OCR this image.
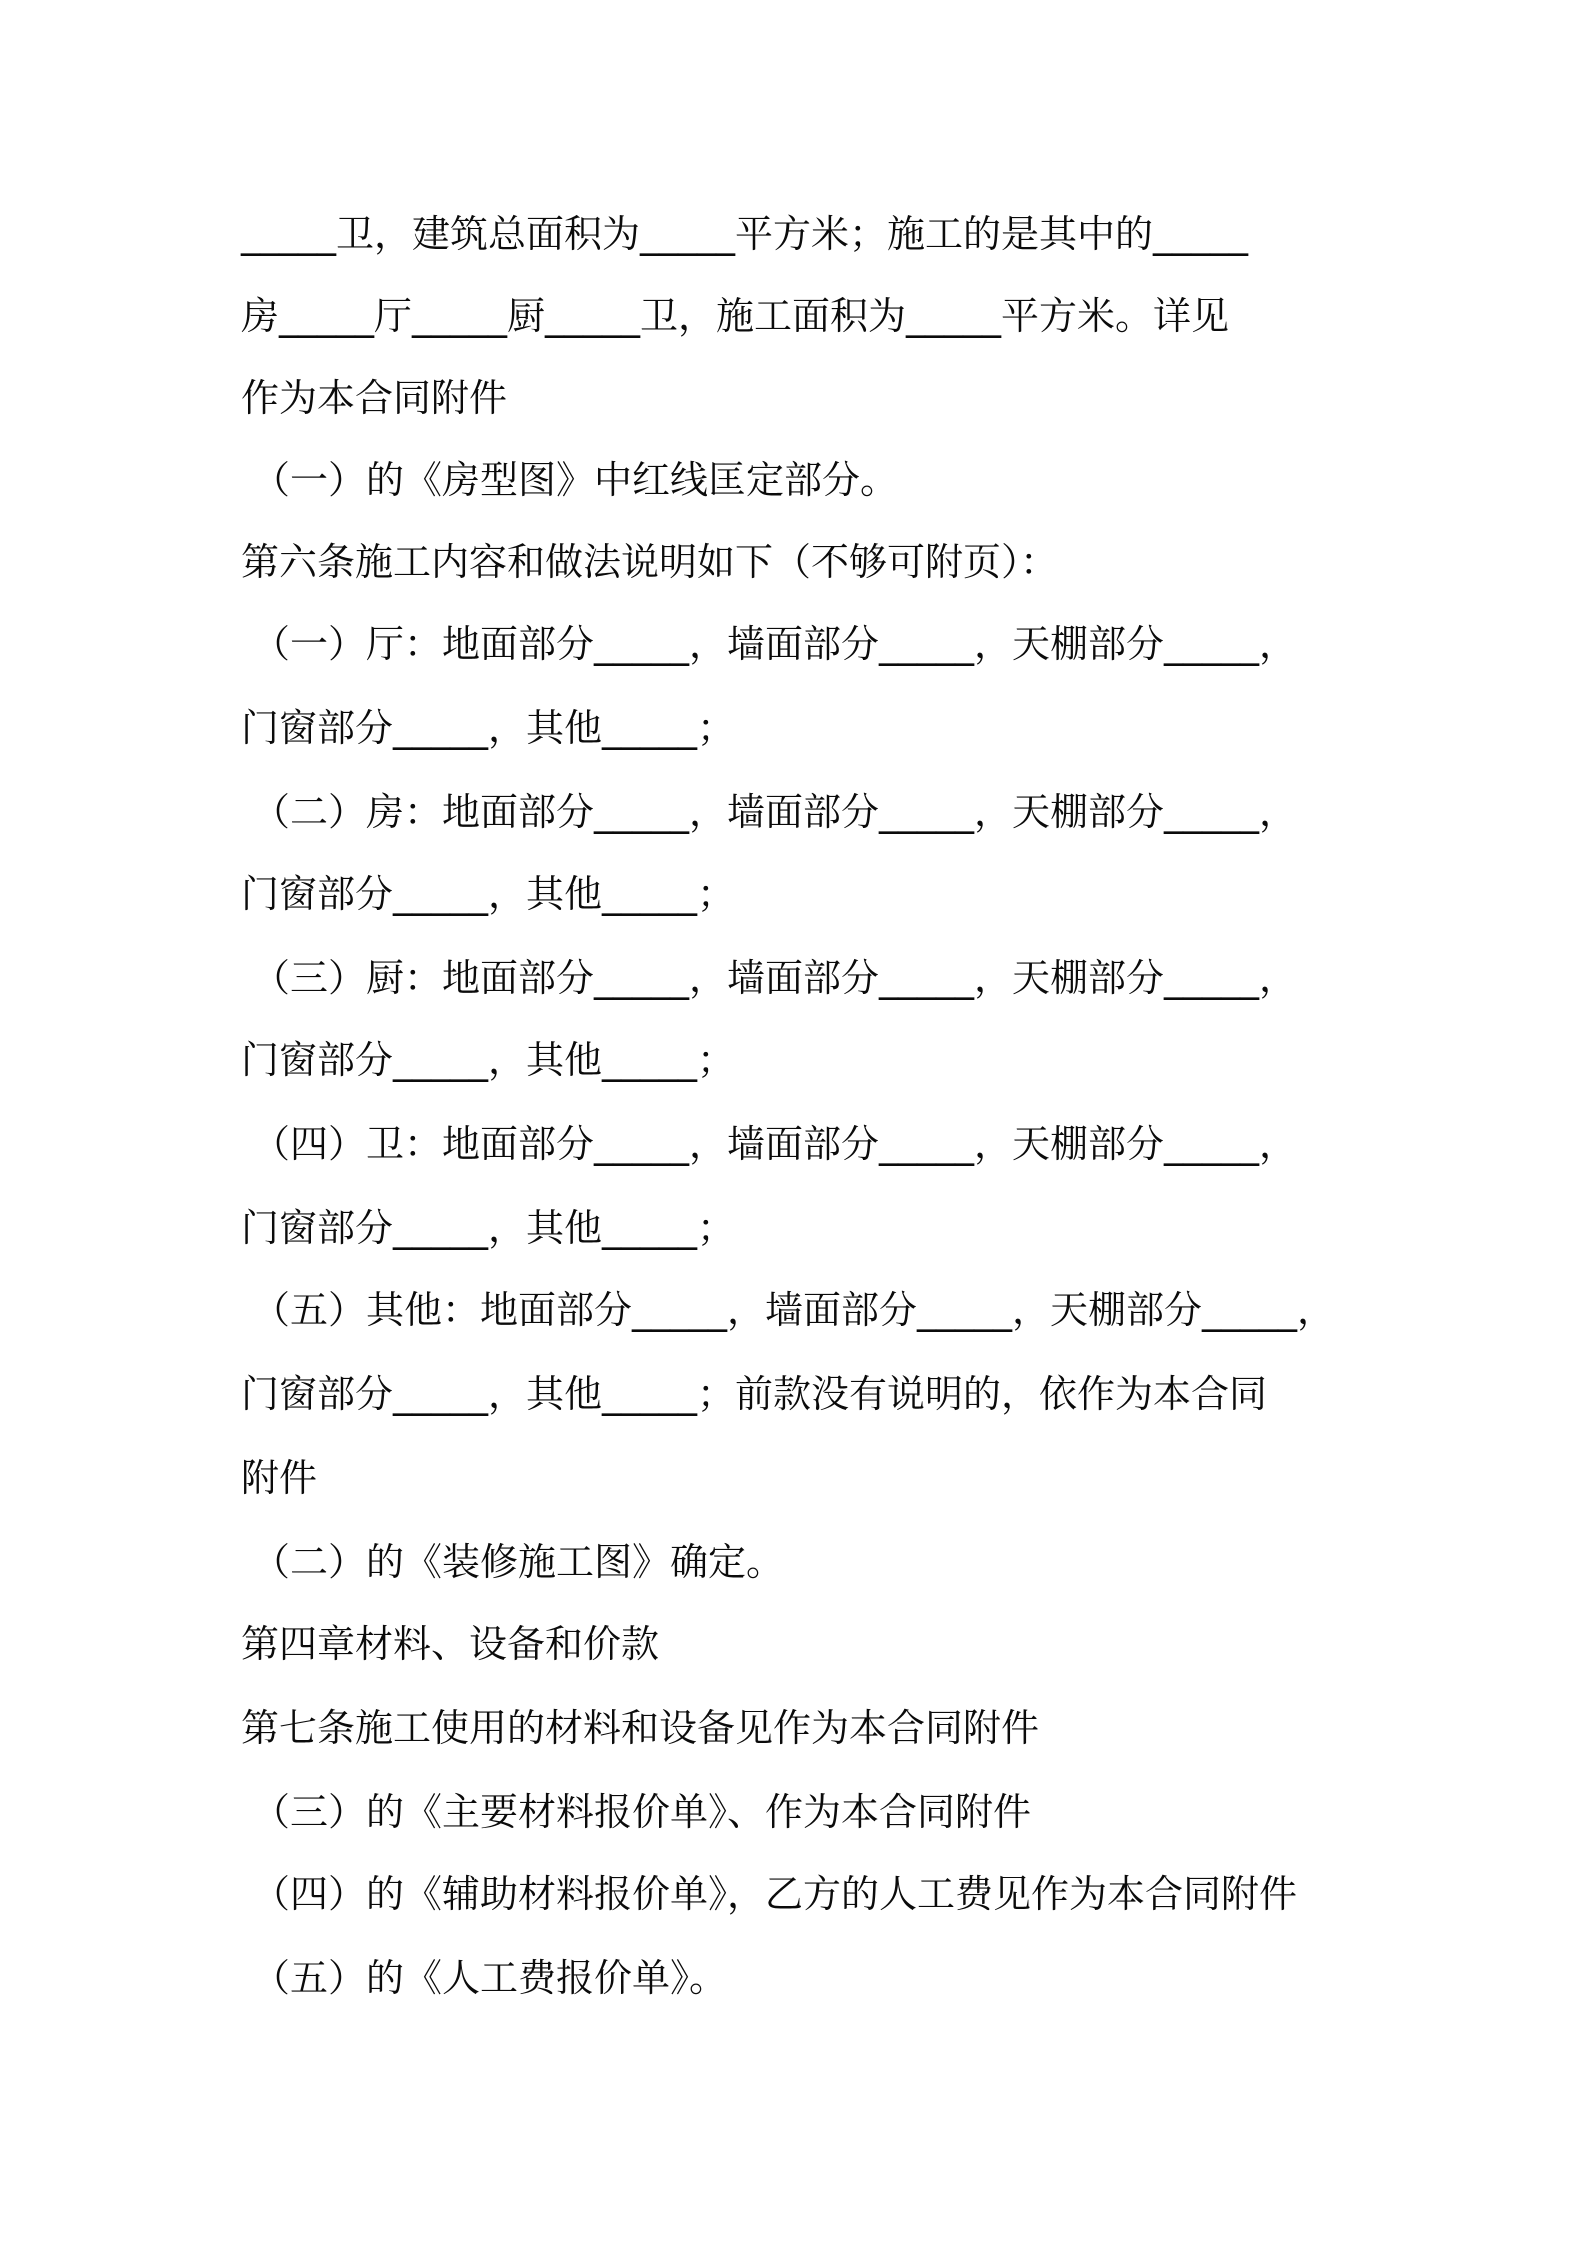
_____卫，建筑总面积为_____平方米；施工的是其中的_____
房_____厅_____厨_____卫，施工面积为_____平方米。详见
作为本合同附件
（一）的《房型图》中红线匡定部分。
第六条施工内容和做法说明如下（不够可附页）：
（一）厅：地面部分_____，墙面部分_____，天棚部分_____，
门窗部分_____，其他_____；
（二）房：地面部分_____，墙面部分_____，天棚部分_____，
门窗部分_____，其他_____；
（三）厨：地面部分_____，墙面部分_____，天棚部分_____，
门窗部分_____，其他_____；
（四）卫：地面部分_____，墙面部分_____，天棚部分_____，
门窗部分_____，其他_____；
（五）其他：地面部分_____，墙面部分_____，天棚部分_____，
门窗部分_____，其他_____；前款没有说明的，依作为本合同
附件
（二）的《装修施工图》确定。
第四章材料、设备和价款
第七条施工使用的材料和设备见作为本合同附件
（三）的《主要材料报价单》、作为本合同附件
（四）的《辅助材料报价单》，乙方的人工费见作为本合同附件
（五）的《人工费报价单》。
